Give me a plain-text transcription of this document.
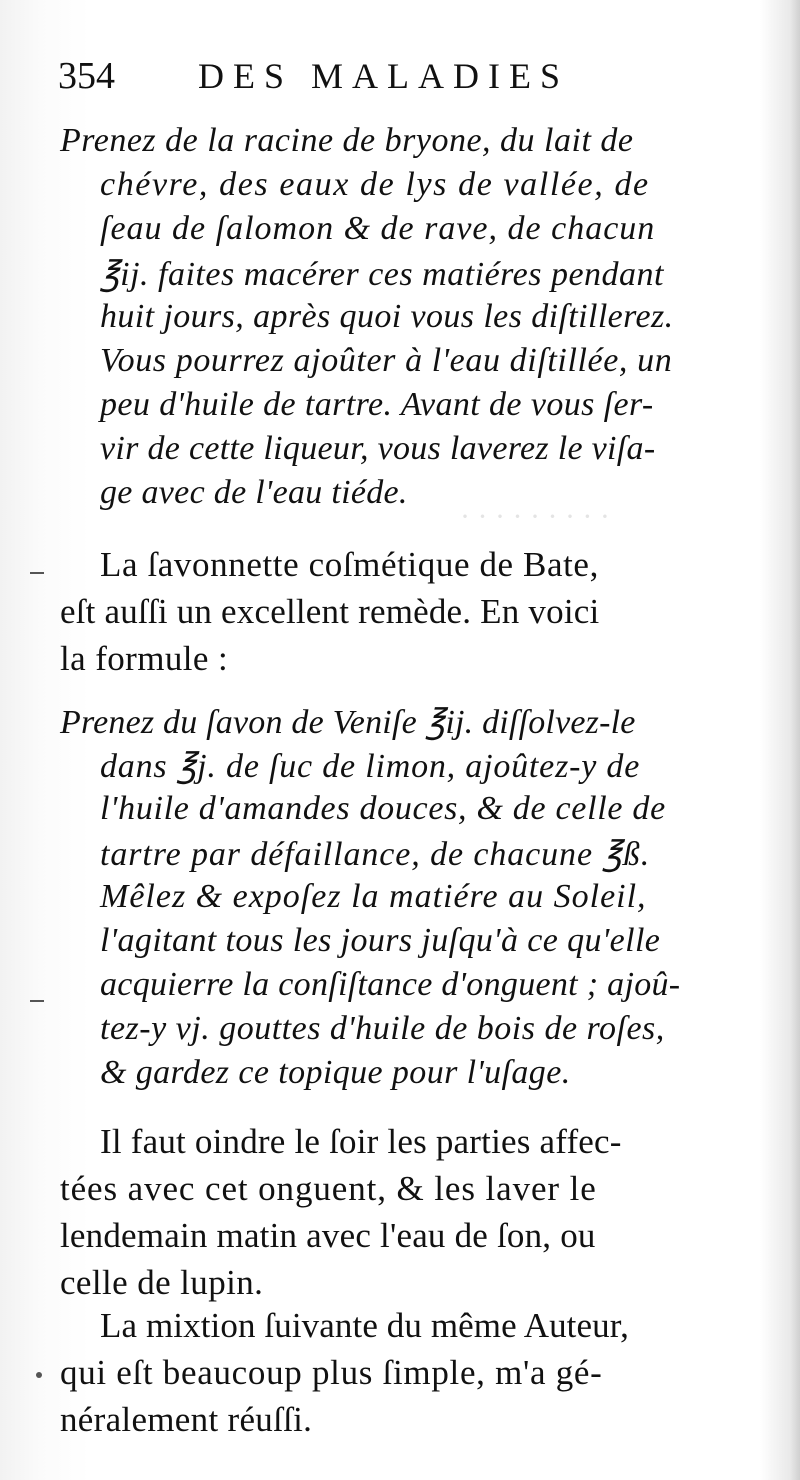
· · · · · · · · ·
354 DES MALADIES
Prenez de la racine de bryone, du lait de
chévre, des eaux de lys de vallée, de
ſeau de ſalomon & de rave, de chacun
℥ij. faites macérer ces matiéres pendant
huit jours, après quoi vous les diſtillerez.
Vous pourrez ajoûter à l'eau diſtillée, un
peu d'huile de tartre. Avant de vous ſer-
vir de cette liqueur, vous laverez le viſa-
ge avec de l'eau tiéde.
La ſavonnette coſmétique de Bate,
eſt auſſi un excellent remède. En voici
la formule :
Prenez du ſavon de Veniſe ℥ij. diſſolvez-le
dans ℥j. de ſuc de limon, ajoûtez-y de
l'huile d'amandes douces, & de celle de
tartre par défaillance, de chacune ℥ß.
Mêlez & expoſez la matiére au Soleil,
l'agitant tous les jours juſqu'à ce qu'elle
acquierre la conſiſtance d'onguent ; ajoû-
tez-y vj. gouttes d'huile de bois de roſes,
& gardez ce topique pour l'uſage.
Il faut oindre le ſoir les parties affec-
tées avec cet onguent, & les laver le
lendemain matin avec l'eau de ſon, ou
celle de lupin.
La mixtion ſuivante du même Auteur,
qui eſt beaucoup plus ſimple, m'a gé-
néralement réuſſi.
